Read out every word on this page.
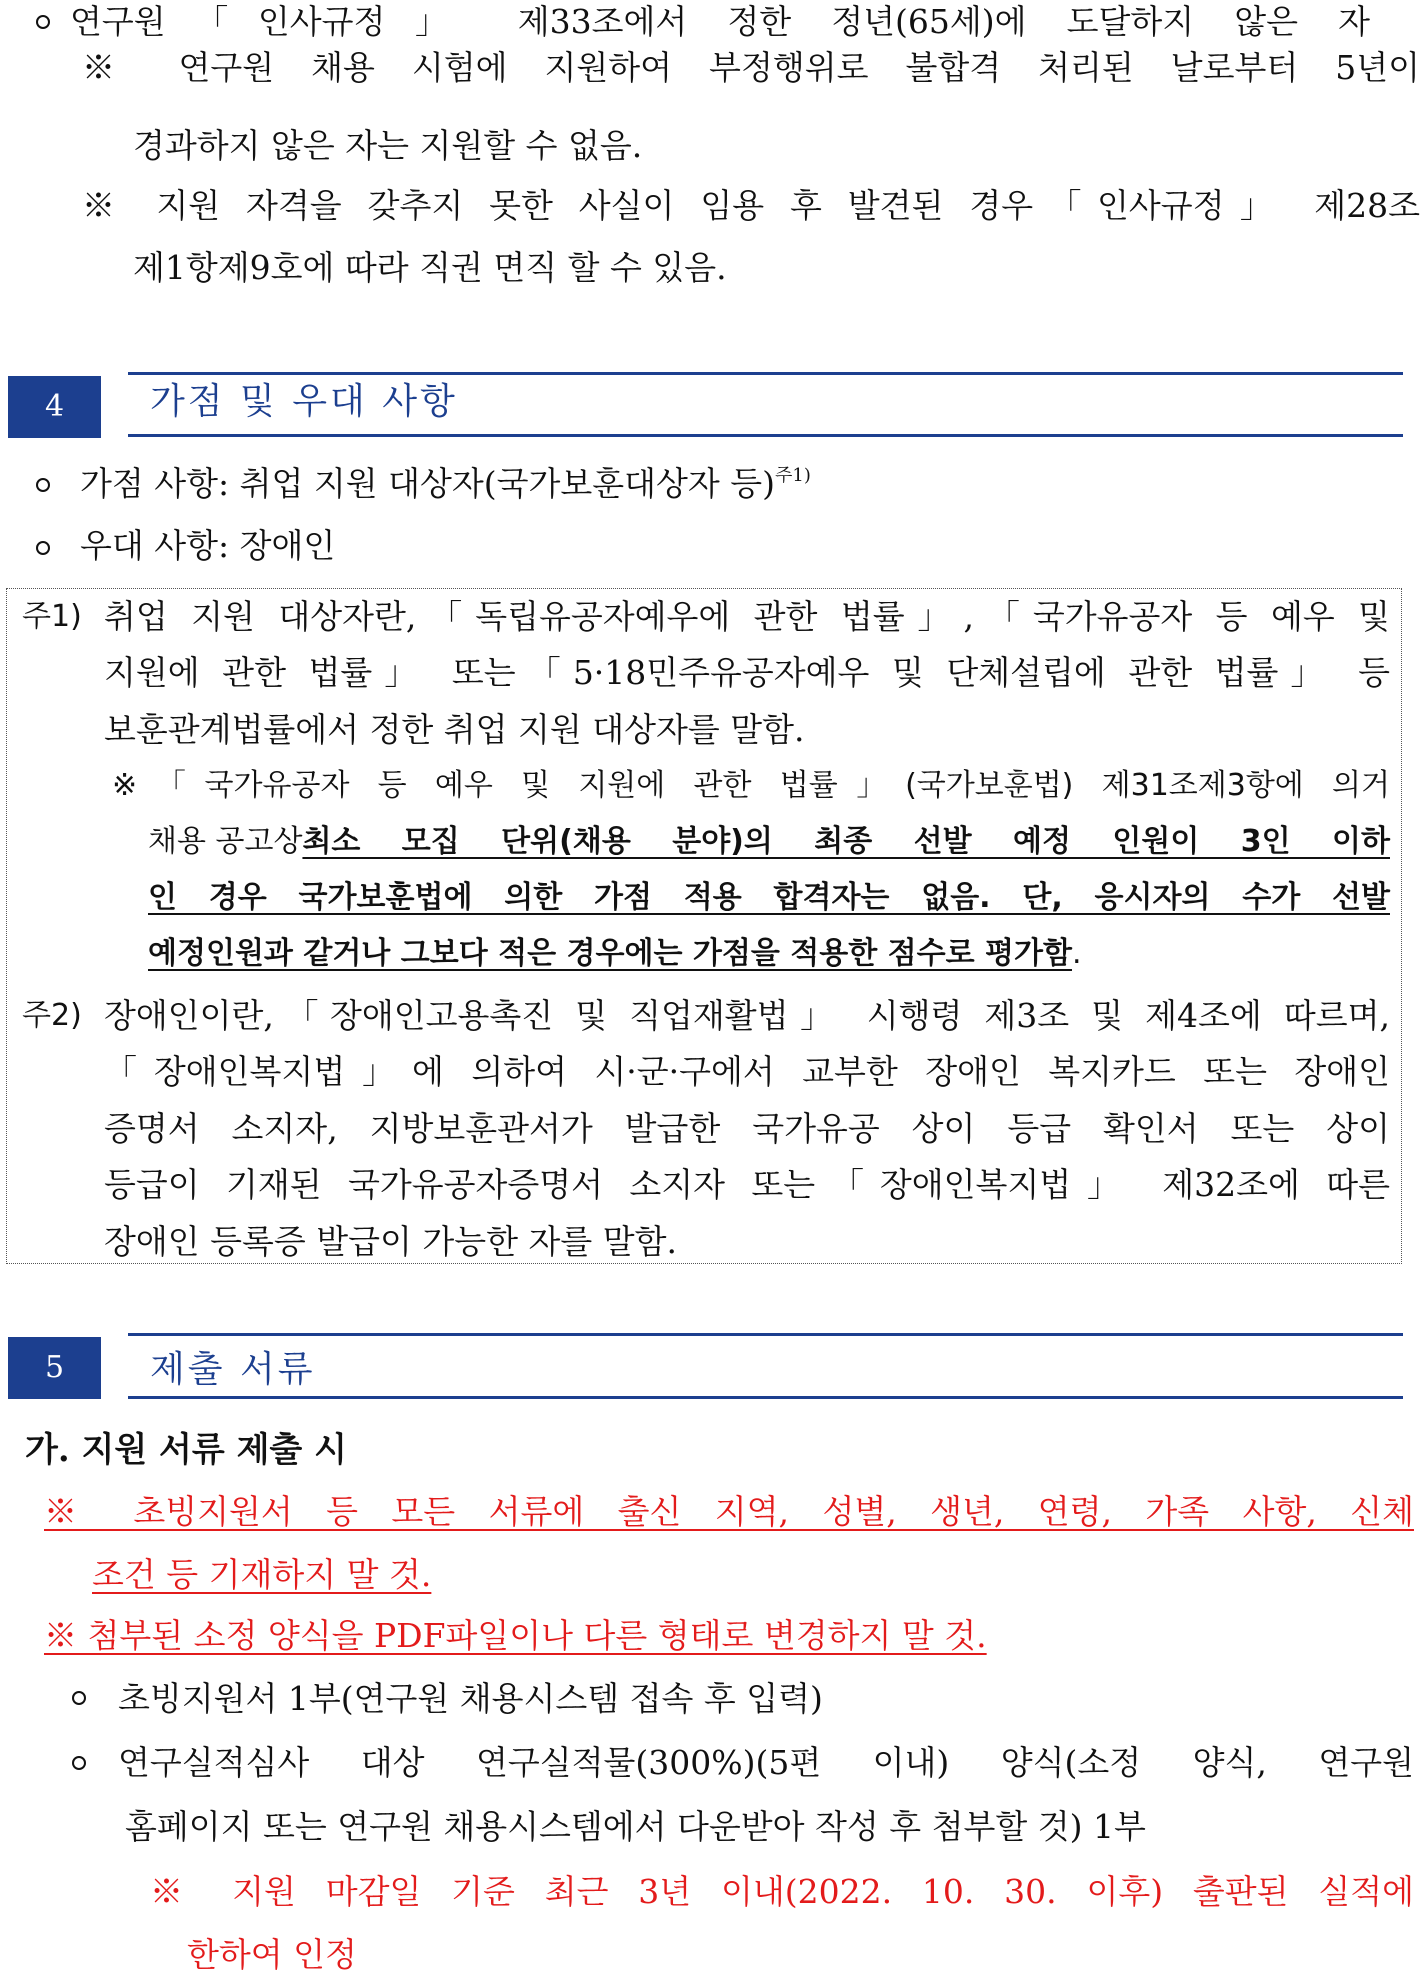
연구원「인사규정」 제33조에서 정한 정년(65세)에 도달하지 않은 자
※ 연구원 채용 시험에 지원하여 부정행위로 불합격 처리된 날로부터 5년이
경과하지 않은 자는 지원할 수 없음.
※ 지원 자격을 갖추지 못한 사실이 임용 후 발견된 경우「인사규정」 제28조
제1항제9호에 따라 직권 면직 할 수 있음.
4	가점 및 우대 사항
가점 사항: 취업 지원 대상자(국가보훈대상자 등)$^{주1)}$
우대 사항: 장애인
주1) 취업 지원 대상자란,「독립유공자예우에 관한 법률」,「국가유공자 등 예우 및
지원에 관한 법률」 또는「5·18민주유공자예우 및 단체설립에 관한 법률」 등
보훈관계법률에서 정한 취업 지원 대상자를 말함.
※「국가유공자 등 예우 및 지원에 관한 법률」(국가보훈법) 제31조제3항에 의거
채용 공고상 최소 모집 단위(채용 분야)의 최종 선발 예정 인원이 3인 이하
인 경우 국가보훈법에 의한 가점 적용 합격자는 없음. 단, 응시자의 수가 선발
예정인원과 같거나 그보다 적은 경우에는 가점을 적용한 점수로 평가함.
주2) 장애인이란,「장애인고용촉진 및 직업재활법」 시행령 제3조 및 제4조에 따르며,
「장애인복지법」에 의하여 시·군·구에서 교부한 장애인 복지카드 또는 장애인
증명서 소지자, 지방보훈관서가 발급한 국가유공 상이 등급 확인서 또는 상이
등급이 기재된 국가유공자증명서 소지자 또는「장애인복지법」 제32조에 따른
장애인 등록증 발급이 가능한 자를 말함.
5	제출 서류
가. 지원 서류 제출 시
※ 초빙지원서 등 모든 서류에 출신 지역, 성별, 생년, 연령, 가족 사항, 신체
조건 등 기재하지 말 것.
※ 첨부된 소정 양식을 PDF파일이나 다른 형태로 변경하지 말 것.
초빙지원서 1부(연구원 채용시스템 접속 후 입력)
연구실적심사 대상 연구실적물(300%)(5편 이내) 양식(소정 양식, 연구원
홈페이지 또는 연구원 채용시스템에서 다운받아 작성 후 첨부할 것) 1부
※ 지원 마감일 기준 최근 3년 이내(2022. 10. 30. 이후) 출판된 실적에
한하여 인정
